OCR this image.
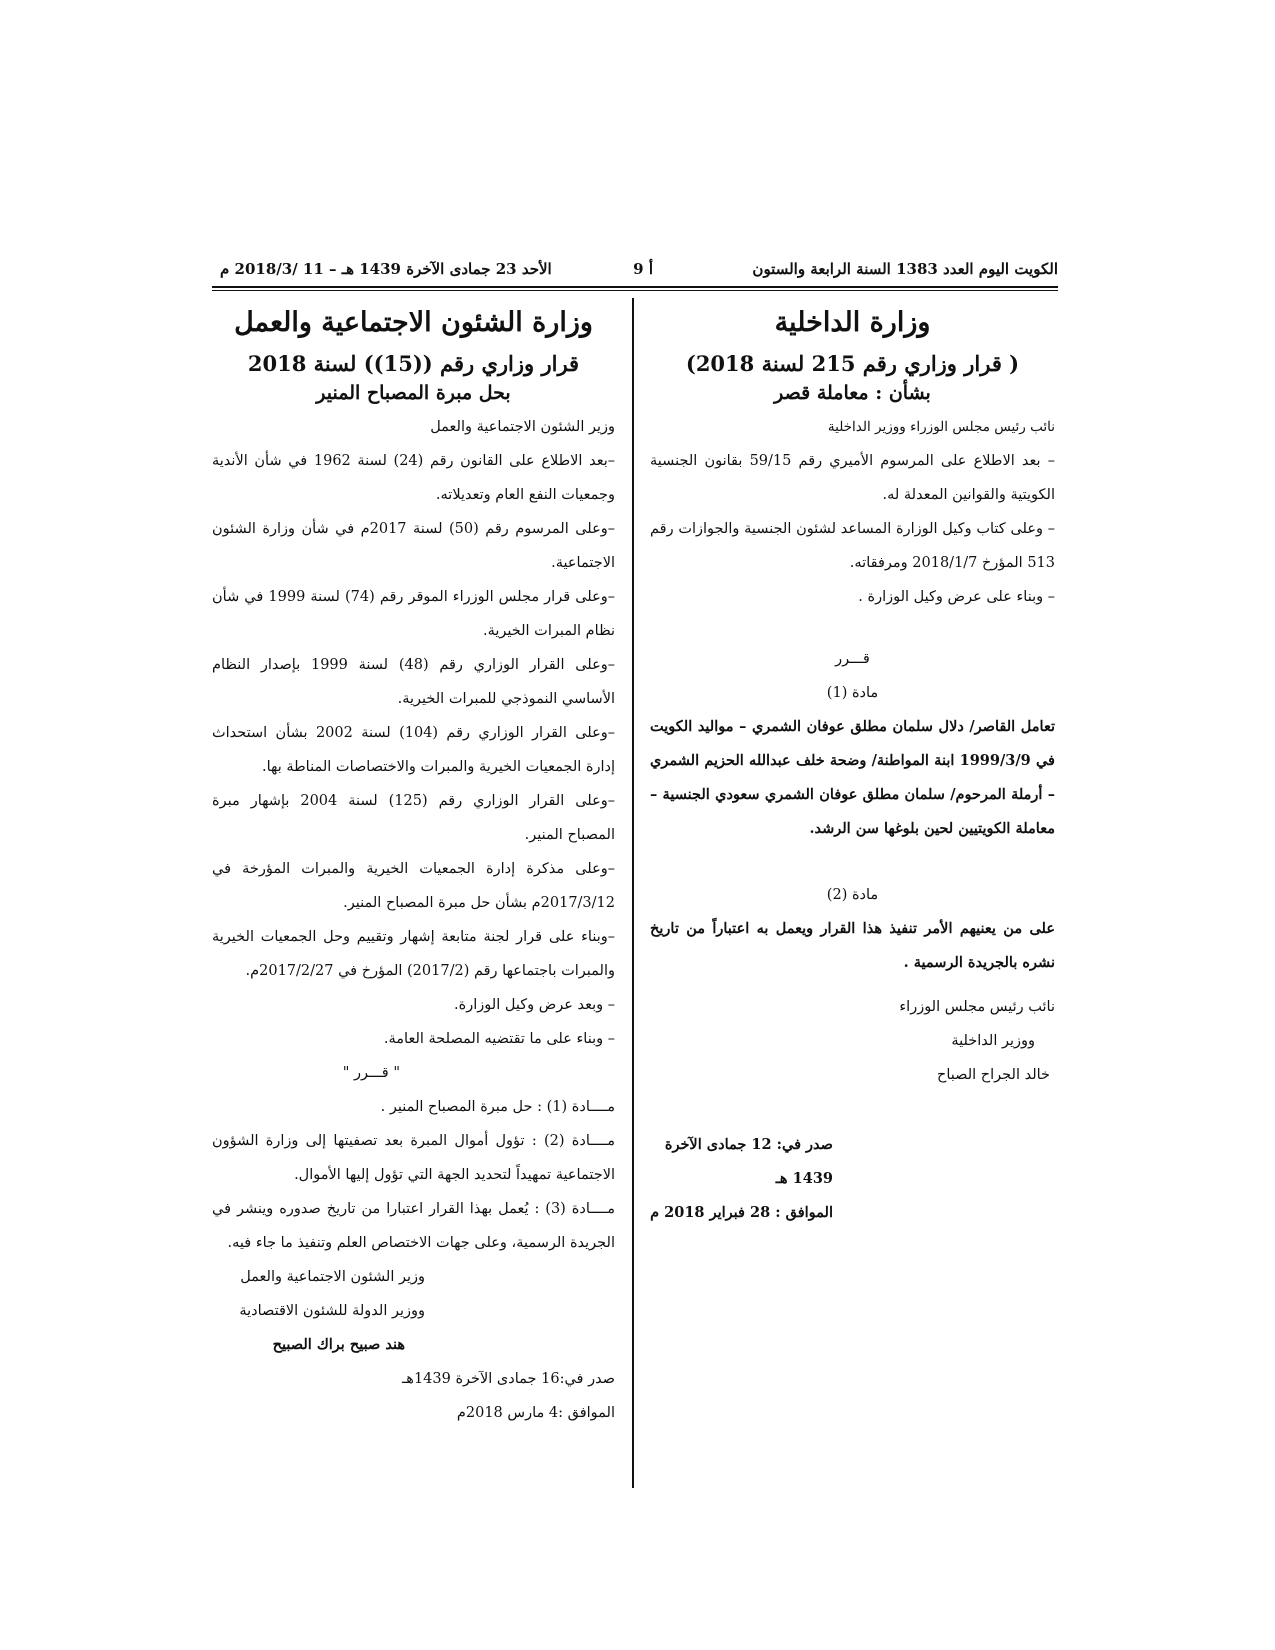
الكويت اليوم العدد 1383 السنة الرابعة والستون
أ 9
الأحد 23 جمادى الآخرة 1439 هـ – 11 /2018/3 م
وزارة الداخلية
( قرار وزاري رقم 215 لسنة 2018)
بشأن : معاملة قصر

نائب رئيس مجلس الوزراء ووزير الداخلية

– بعد الاطلاع على المرسوم الأميري رقم 59/15 بقانون الجنسية الكويتية والقوانين المعدلة له.

– وعلى كتاب وكيل الوزارة المساعد لشئون الجنسية والجوازات رقم 513 المؤرخ 2018/1/7 ومرفقاته.

– وبناء على عرض وكيل الوزارة .

قـــرر

مادة (1)

تعامل القاصر/ دلال سلمان مطلق عوفان الشمري – مواليد الكويت في 1999/3/9 ابنة المواطنة/ وضحة خلف عبدالله الحزيم الشمري – أرملة المرحوم/ سلمان مطلق عوفان الشمري سعودي الجنسية – معاملة الكويتيين لحين بلوغها سن الرشد.

مادة (2)

على من يعنيهم الأمر تنفيذ هذا القرار ويعمل به اعتباراً من تاريخ نشره بالجريدة الرسمية .

نائب رئيس مجلس الوزراء

ووزير الداخلية

خالد الجراح الصباح

صدر في: 12 جمادى الآخرة 1439 هـ

الموافق : 28 فبراير 2018 م

وزارة الشئون الاجتماعية والعمل
قرار وزاري رقم ((15)) لسنة 2018
بحل مبرة المصباح المنير

وزير الشئون الاجتماعية والعمل

–بعد الاطلاع على القانون رقم (24) لسنة 1962 في شأن الأندية وجمعيات النفع العام وتعديلاته.

–وعلى المرسوم رقم (50) لسنة 2017م في شأن وزارة الشئون الاجتماعية.

–وعلى قرار مجلس الوزراء الموقر رقم (74) لسنة 1999 في شأن نظام المبرات الخيرية.

–وعلى القرار الوزاري رقم (48) لسنة 1999 بإصدار النظام الأساسي النموذجي للمبرات الخيرية.

–وعلى القرار الوزاري رقم (104) لسنة 2002 بشأن استحداث إدارة الجمعيات الخيرية والمبرات والاختصاصات المناطة بها.

–وعلى القرار الوزاري رقم (125) لسنة 2004 بإشهار مبرة المصباح المنير.

–وعلى مذكرة إدارة الجمعيات الخيرية والمبرات المؤرخة في 2017/3/12م بشأن حل مبرة المصباح المنير.

–وبناء على قرار لجنة متابعة إشهار وتقييم وحل الجمعيات الخيرية والمبرات باجتماعها رقم (2017/2) المؤرخ في 2017/2/27م.

– وبعد عرض وكيل الوزارة.

– وبناء على ما تقتضيه المصلحة العامة.

" قـــرر "

مــــادة (1) : حل مبرة المصباح المنير .

مــــادة (2) : تؤول أموال المبرة بعد تصفيتها إلى وزارة الشؤون الاجتماعية تمهيداً لتحديد الجهة التي تؤول إليها الأموال.

مــــادة (3) : يُعمل بهذا القرار اعتبارا من تاريخ صدوره وينشر في الجريدة الرسمية، وعلى جهات الاختصاص العلم وتنفيذ ما جاء فيه.

وزير الشئون الاجتماعية والعمل

ووزير الدولة للشئون الاقتصادية

هند صبيح براك الصبيح

صدر في:16 جمادى الآخرة 1439هـ

الموافق :4 مارس 2018م
